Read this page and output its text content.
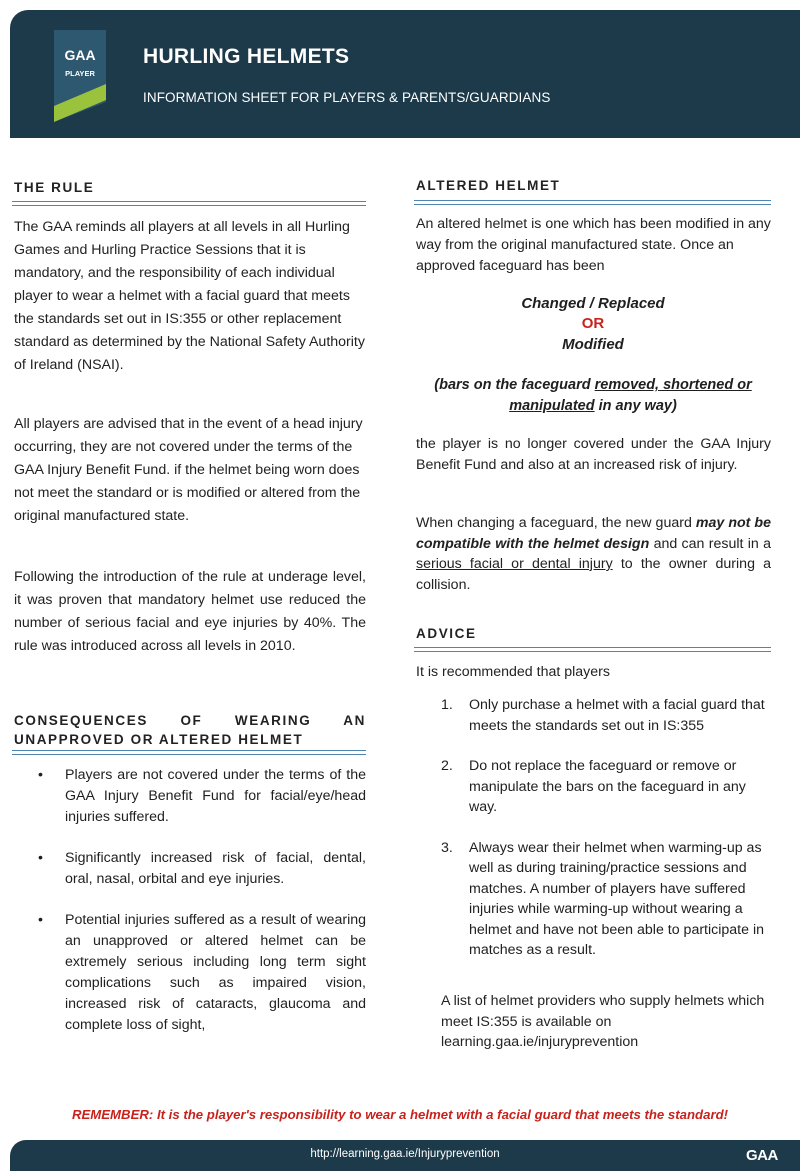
GAA
PLAYER
HURLING HELMETS
INFORMATION SHEET FOR PLAYERS & PARENTS/GUARDIANS
THE RULE

The GAA reminds all players at all levels in all Hurling Games and Hurling Practice Sessions that it is mandatory, and the responsibility of each individual player to wear a helmet with a facial guard that meets the standards set out in IS:355 or other replacement standard as determined by the National Safety Authority of Ireland (NSAI).

All players are advised that in the event of a head injury occurring, they are not covered under the terms of the GAA Injury Benefit Fund. if the helmet being worn does not meet the standard or is modified or altered from the original manufactured state.

Following the introduction of the rule at underage level, it was proven that mandatory helmet use reduced the number of serious facial and eye injuries by 40%. The rule was introduced across all levels in 2010.

CONSEQUENCES OF WEARING AN UNAPPROVED OR ALTERED HELMET
• Players are not covered under the terms of the GAA Injury Benefit Fund for facial/eye/head injuries suffered.
• Significantly increased risk of facial, dental, oral, nasal, orbital and eye injuries.
• Potential injuries suffered as a result of wearing an unapproved or altered helmet can be extremely serious including long term sight complications such as impaired vision, increased risk of cataracts, glaucoma and complete loss of sight,
ALTERED HELMET

An altered helmet is one which has been modified in any way from the original manufactured state. Once an approved faceguard has been

Changed / Replaced
OR
Modified
(bars on the faceguard removed, shortened or
manipulated in any way)

the player is no longer covered under the GAA Injury Benefit Fund and also at an increased risk of injury.

When changing a faceguard, the new guard may not be compatible with the helmet design and can result in a serious facial or dental injury to the owner during a collision.

ADVICE

It is recommended that players

1. Only purchase a helmet with a facial guard that meets the standards set out in IS:355
2. Do not replace the faceguard or remove or manipulate the bars on the faceguard in any way.
3. Always wear their helmet when warming-up as well as during training/practice sessions and matches. A number of players have suffered injuries while warming-up without wearing a helmet and have not been able to participate in matches as a result.

A list of helmet providers who supply helmets which meet IS:355 is available on learning.gaa.ie/injuryprevention

REMEMBER: It is the player's responsibility to wear a helmet with a facial guard that meets the standard!
http://learning.gaa.ie/Injuryprevention	GAA
